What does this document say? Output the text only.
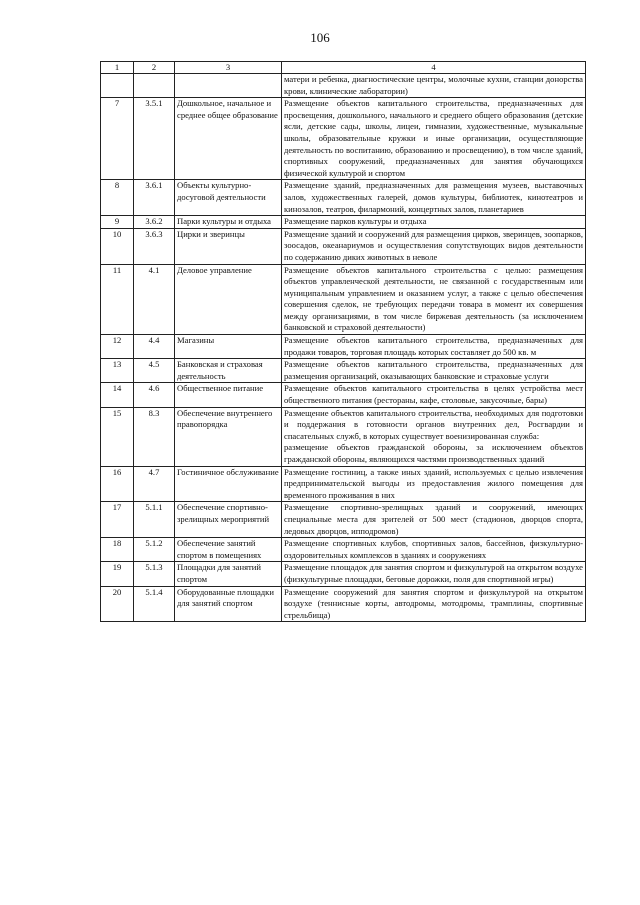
106
1	2	3	4

			матери и ребенка, диагностические центры, молочные кухни, станции донорства крови, клинические лаборатории)

7	3.5.1	Дошкольное, начальное и среднее общее образование	Размещение объектов капитального строительства, предназначенных для просвещения, дошкольного, начального и среднего общего образования (детские ясли, детские сады, школы, лицеи, гимназии, художественные, музыкальные школы, образовательные кружки и иные организации, осуществляющие деятельность по воспитанию, образованию и просвещению), в том числе зданий, спортивных сооружений, предназначенных для занятия обучающихся физической культурой и спортом

8	3.6.1	Объекты культурно-досуговой деятельности	Размещение зданий, предназначенных для размещения музеев, выставочных залов, художественных галерей, домов культуры, библиотек, кинотеатров и кинозалов, театров, филармоний, концертных залов, планетариев

9	3.6.2	Парки культуры и отдыха	Размещение парков культуры и отдыха

10	3.6.3	Цирки и зверинцы	Размещение зданий и сооружений для размещения цирков, зверинцев, зоопарков, зоосадов, океанариумов и осуществления сопутствующих видов деятельности по содержанию диких животных в неволе

11	4.1	Деловое управление	Размещение объектов капитального строительства с целью: размещения объектов управленческой деятельности, не связанной с государственным или муниципальным управлением и оказанием услуг, а также с целью обеспечения совершения сделок, не требующих передачи товара в момент их совершения между организациями, в том числе биржевая деятельность (за исключением банковской и страховой деятельности)

12	4.4	Магазины	Размещение объектов капитального строительства, предназначенных для продажи товаров, торговая площадь которых составляет до 500 кв. м

13	4.5	Банковская и страховая деятельность	Размещение объектов капитального строительства, предназначенных для размещения организаций, оказывающих банковские и страховые услуги

14	4.6	Общественное питание	Размещение объектов капитального строительства в целях устройства мест общественного питания (рестораны, кафе, столовые, закусочные, бары)

15	8.3	Обеспечение внутреннего правопорядка	Размещение объектов капитального строительства, необходимых для подготовки и поддержания в готовности органов внутренних дел, Росгвардии и спасательных служб, в которых существует военизированная служба:
размещение объектов гражданской обороны, за исключением объектов гражданской обороны, являющихся частями производственных зданий

16	4.7	Гостиничное обслуживание	Размещение гостиниц, а также иных зданий, используемых с целью извлечения предпринимательской выгоды из предоставления жилого помещения для временного проживания в них

17	5.1.1	Обеспечение спортивно-зрелищных мероприятий	Размещение спортивно-зрелищных зданий и сооружений, имеющих специальные места для зрителей от 500 мест (стадионов, дворцов спорта, ледовых дворцов, ипподромов)

18	5.1.2	Обеспечение занятий спортом в помещениях	Размещение спортивных клубов, спортивных залов, бассейнов, физкультурно-оздоровительных комплексов в зданиях и сооружениях

19	5.1.3	Площадки для занятий спортом	Размещение площадок для занятия спортом и физкультурой на открытом воздухе (физкультурные площадки, беговые дорожки, поля для спортивной игры)

20	5.1.4	Оборудованные площадки для занятий спортом	Размещение сооружений для занятия спортом и физкультурой на открытом воздухе (теннисные корты, автодромы, мотодромы, трамплины, спортивные стрельбища)
